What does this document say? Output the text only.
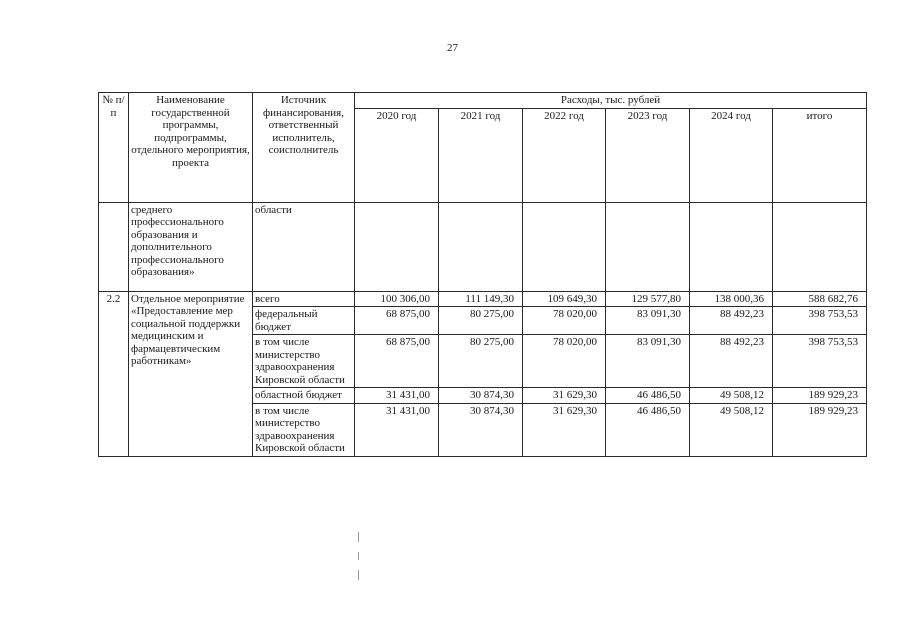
27
№ п/п	Наименование государственной программы, подпрограммы, отдельного мероприятия, проекта	Источник финансирования, ответственный исполнитель, соисполнитель	Расходы, тыс. рублей					
			2020 год	2021 год	2022 год	2023 год	2024 год	итого
	среднего профессионального образования и дополнительного профессионального образования»	области						
2.2	Отдельное мероприятие «Предоставление мер социальной поддержки медицинским и фармацевтическим работникам»	всего	100 306,00	111 149,30	109 649,30	129 577,80	138 000,36	588 682,76
		федеральный бюджет	68 875,00	80 275,00	78 020,00	83 091,30	88 492,23	398 753,53
		в том числе министерство здравоохранения Кировской области	68 875,00	80 275,00	78 020,00	83 091,30	88 492,23	398 753,53
		областной бюджет	31 431,00	30 874,30	31 629,30	46 486,50	49 508,12	189 929,23
		в том числе министерство здравоохранения Кировской области	31 431,00	30 874,30	31 629,30	46 486,50	49 508,12	189 929,23
